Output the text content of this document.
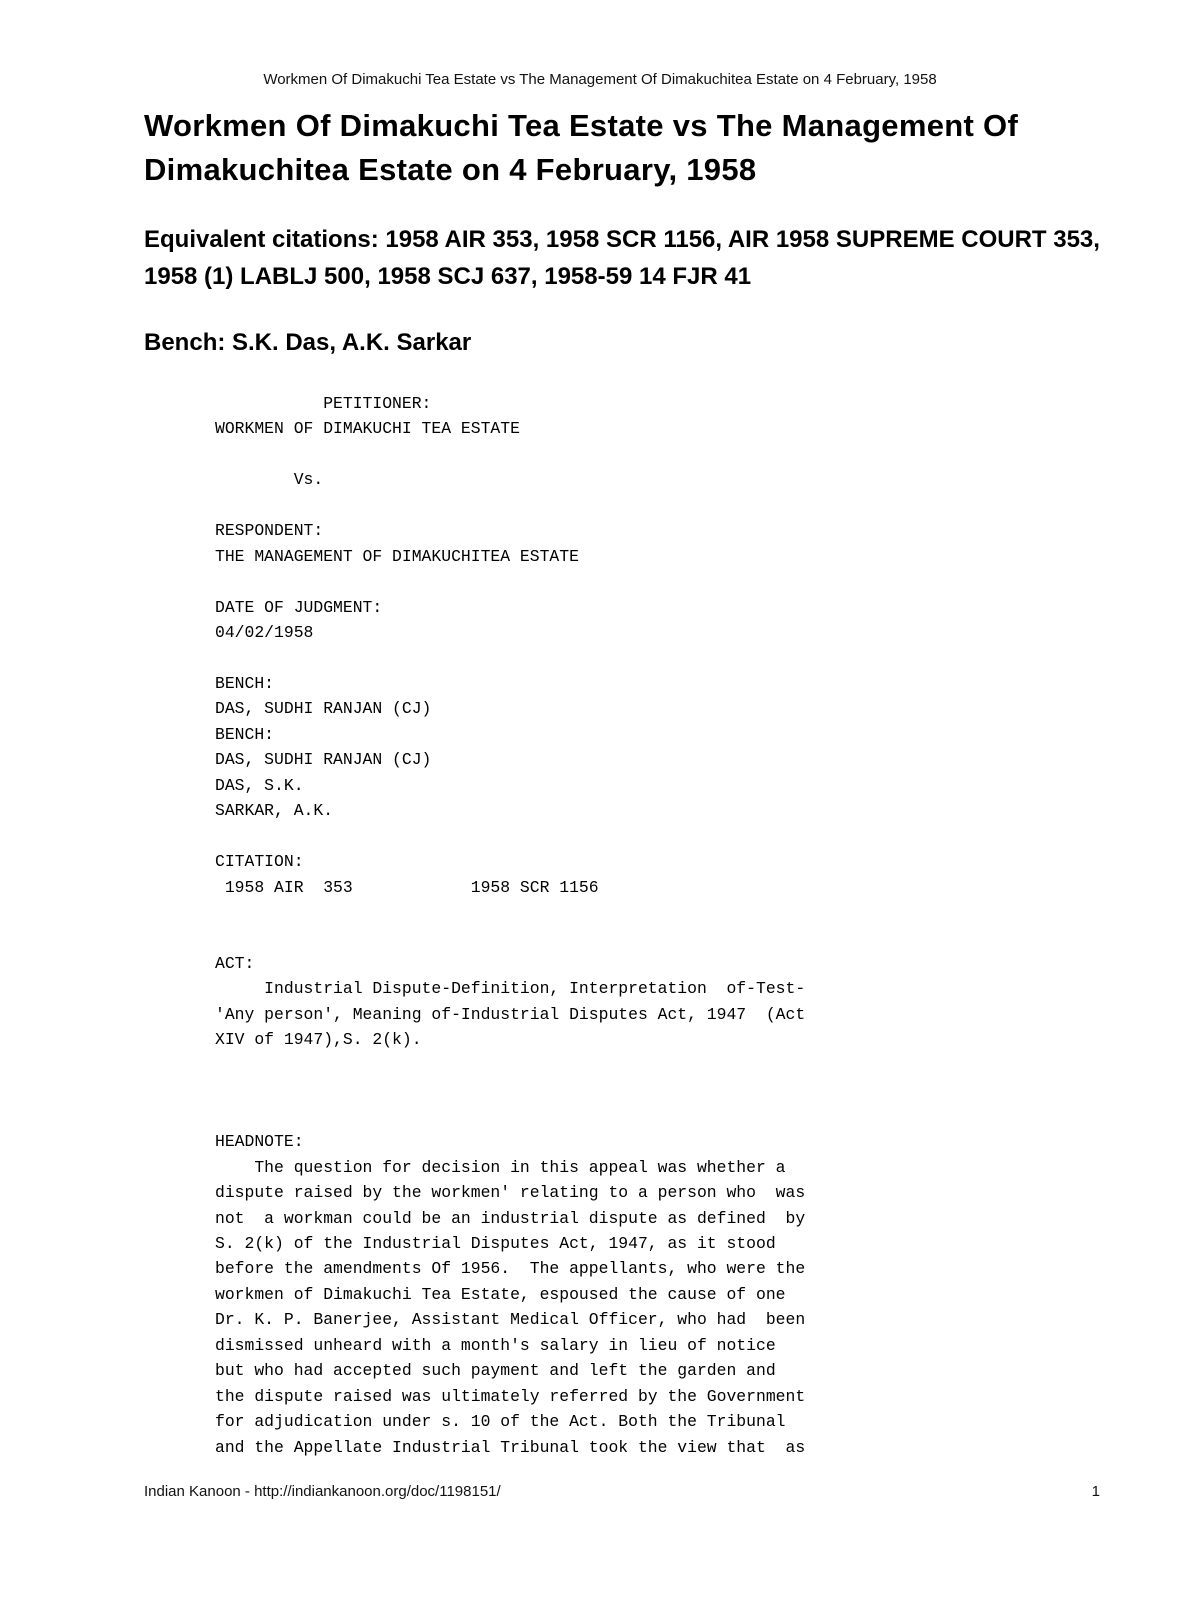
Workmen Of Dimakuchi Tea Estate vs The Management Of Dimakuchitea Estate on 4 February, 1958
Workmen Of Dimakuchi Tea Estate vs The Management Of Dimakuchitea Estate on 4 February, 1958
Equivalent citations: 1958 AIR 353, 1958 SCR 1156, AIR 1958 SUPREME COURT 353, 1958 (1) LABLJ 500, 1958 SCJ 637, 1958-59 14 FJR 41
Bench: S.K. Das, A.K. Sarkar
PETITIONER:
WORKMEN OF DIMAKUCHI TEA ESTATE

Vs.

RESPONDENT:
THE MANAGEMENT OF DIMAKUCHITEA ESTATE

DATE OF JUDGMENT:
04/02/1958

BENCH:
DAS, SUDHI RANJAN (CJ)
BENCH:
DAS, SUDHI RANJAN (CJ)
DAS, S.K.
SARKAR, A.K.

CITATION:
1958 AIR  353            1958 SCR 1156

ACT:
Industrial Dispute-Definition, Interpretation  of-Test-
'Any person', Meaning of-Industrial Disputes Act, 1947  (Act
XIV of 1947),S. 2(k).

HEADNOTE:
The question for decision in this appeal was whether a
dispute raised by the workmen' relating to a person who  was
not  a workman could be an industrial dispute as defined  by
S. 2(k) of the Industrial Disputes Act, 1947, as it stood
before the amendments Of 1956.  The appellants, who were the
workmen of Dimakuchi Tea Estate, espoused the cause of one
Dr. K. P. Banerjee, Assistant Medical Officer, who had  been
dismissed unheard with a month's salary in lieu of notice
but who had accepted such payment and left the garden and
the dispute raised was ultimately referred by the Government
for adjudication under s. 10 of the Act. Both the Tribunal
and the Appellate Industrial Tribunal took the view that  as
Indian Kanoon - http://indiankanoon.org/doc/1198151/	1
